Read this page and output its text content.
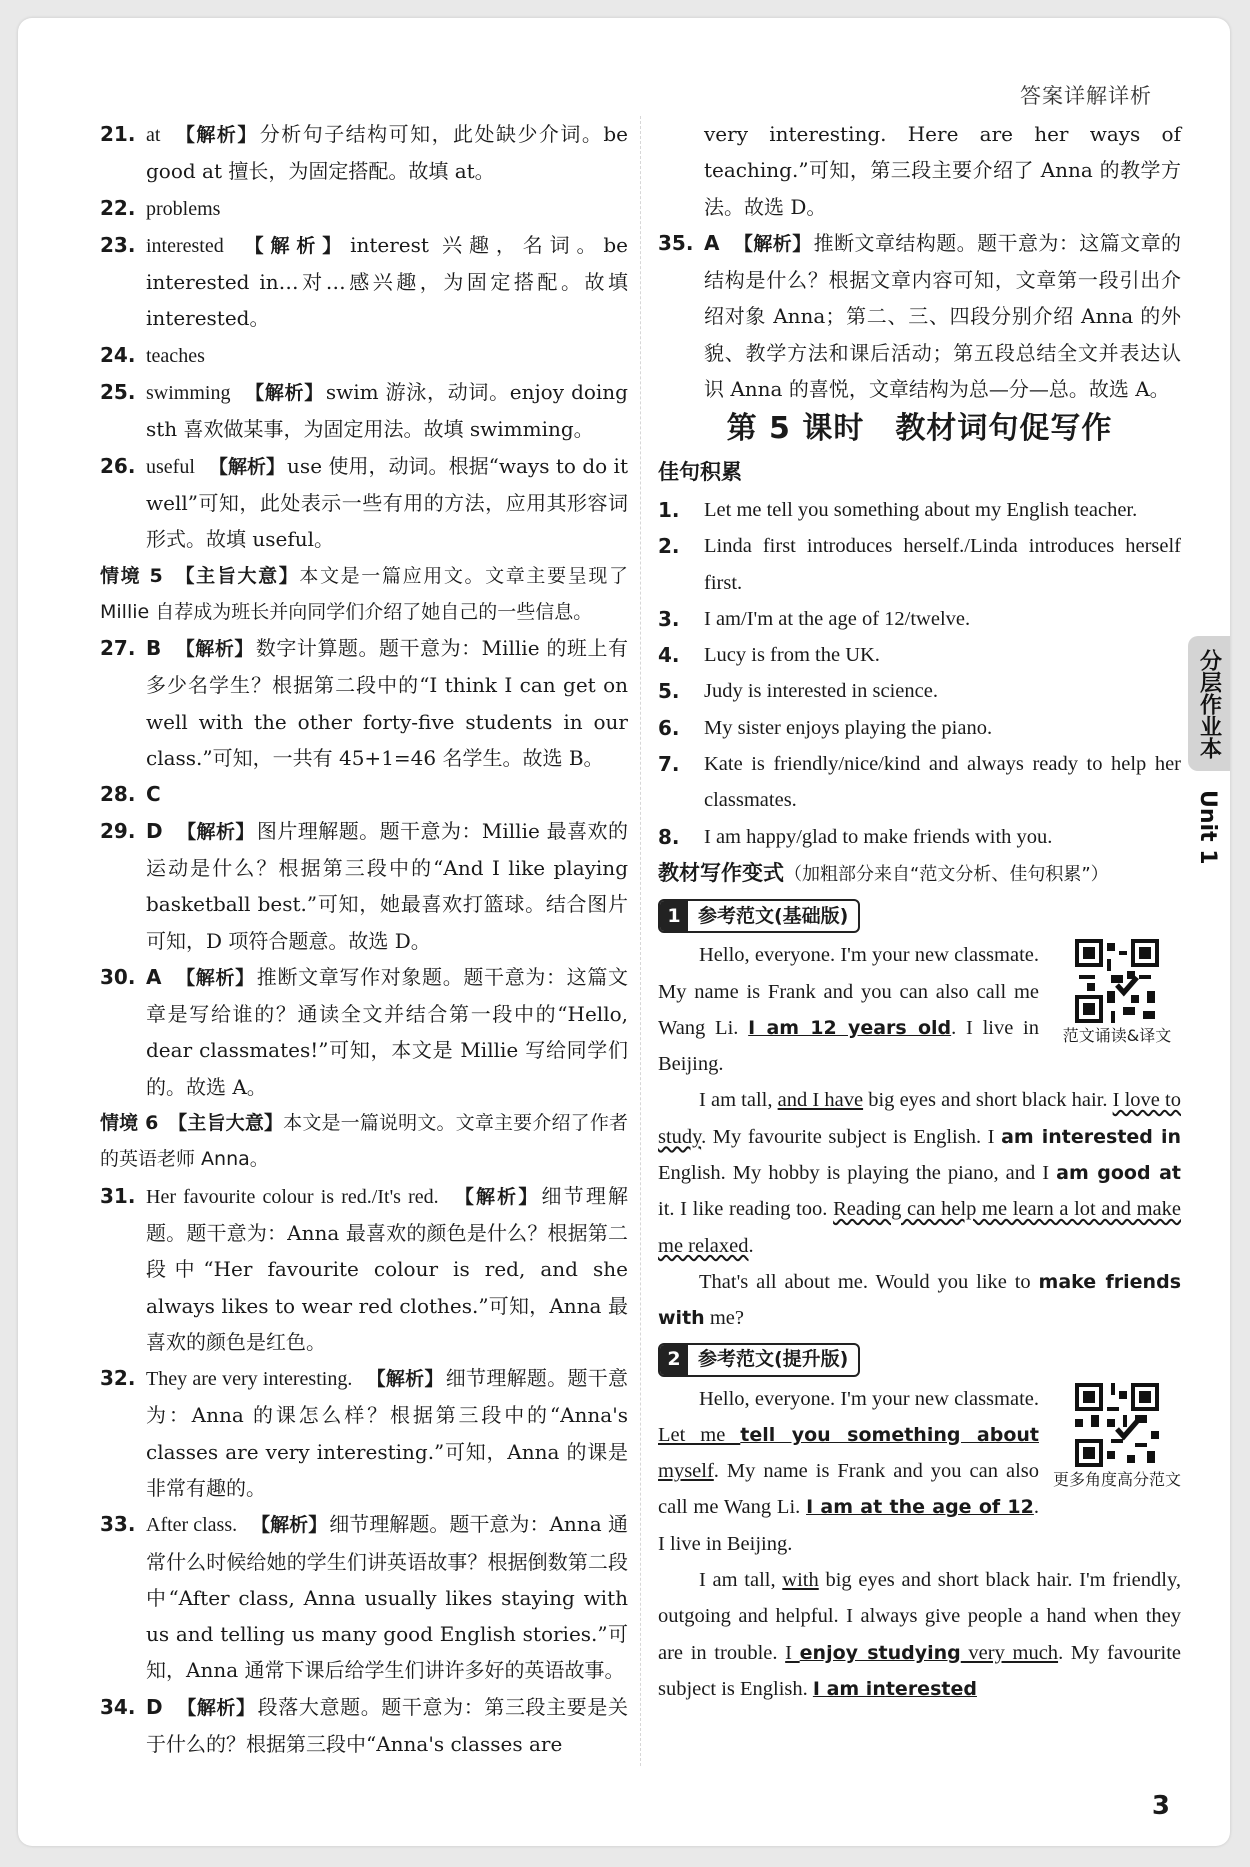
答案详解详析
21. at 【解析】 分析句子结构可知，此处缺少介词。be good at 擅长，为固定搭配。故填 at。
22. problems
23. interested 【解析】 interest 兴趣，名词。be interested in…对…感兴趣，为固定搭配。故填 interested。
24. teaches
25. swimming 【解析】 swim 游泳，动词。enjoy doing sth 喜欢做某事，为固定用法。故填 swimming。
26. useful 【解析】 use 使用，动词。根据“ways to do it well”可知，此处表示一些有用的方法，应用其形容词形式。故填 useful。
情境 5　【主旨大意】本文是一篇应用文。文章主要呈现了 Millie 自荐成为班长并向同学们介绍了她自己的一些信息。
27. B 【解析】 数字计算题。题干意为：Millie 的班上有多少名学生？根据第二段中的“I think I can get on well with the other forty-five students in our class.”可知，一共有 45+1=46 名学生。故选 B。
28. C
29. D 【解析】 图片理解题。题干意为：Millie 最喜欢的运动是什么？根据第三段中的“And I like playing basketball best.”可知，她最喜欢打篮球。结合图片可知，D 项符合题意。故选 D。
30. A 【解析】 推断文章写作对象题。题干意为：这篇文章是写给谁的？通读全文并结合第一段中的“Hello, dear classmates!”可知，本文是 Millie 写给同学们的。故选 A。
情境 6　【主旨大意】本文是一篇说明文。文章主要介绍了作者的英语老师 Anna。
31. Her favourite colour is red./It's red. 【解析】 细节理解题。题干意为：Anna 最喜欢的颜色是什么？根据第二段中“Her favourite colour is red, and she always likes to wear red clothes.”可知，Anna 最喜欢的颜色是红色。
32. They are very interesting. 【解析】 细节理解题。题干意为：Anna 的课怎么样？根据第三段中的“Anna's classes are very interesting.”可知，Anna 的课是非常有趣的。
33. After class. 【解析】 细节理解题。题干意为：Anna 通常什么时候给她的学生们讲英语故事？根据倒数第二段中“After class, Anna usually likes staying with us and telling us many good English stories.”可知，Anna 通常下课后给学生们讲许多好的英语故事。
34. D 【解析】 段落大意题。题干意为：第三段主要是关于什么的？根据第三段中“Anna's classes are
very interesting. Here are her ways of teaching.”可知，第三段主要介绍了 Anna 的教学方法。故选 D。
35. A 【解析】 推断文章结构题。题干意为：这篇文章的结构是什么？根据文章内容可知，文章第一段引出介绍对象 Anna；第二、三、四段分别介绍 Anna 的外貌、教学方法和课后活动；第五段总结全文并表达认识 Anna 的喜悦，文章结构为总—分—总。故选 A。
第 5 课时　教材词句促写作
佳句积累
1.	Let me tell you something about my English teacher.
2.	Linda first introduces herself./Linda introduces herself first.
3.	I am/I'm at the age of 12/twelve.
4.	Lucy is from the UK.
5.	Judy is interested in science.
6.	My sister enjoys playing the piano.
7.	Kate is friendly/nice/kind and always ready to help her classmates.
8.	I am happy/glad to make friends with you.
教材写作变式（加粗部分来自“范文分析、佳句积累”）
1 参考范文(基础版)
范文诵读&译文

Hello, everyone. I'm your new classmate. My name is Frank and you can also call me Wang Li. I am 12 years old. I live in Beijing.

I am tall, and I have big eyes and short black hair. I love to study. My favourite subject is English. I am interested in English. My hobby is playing the piano, and I am good at it. I like reading too. Reading can help me learn a lot and make me relaxed.

That's all about me. Would you like to make friends with me?

2 参考范文(提升版)
更多角度高分范文

Hello, everyone. I'm your new classmate. Let me tell you something about myself. My name is Frank and you can also call me Wang Li. I am at the age of 12. I live in Beijing.

I am tall, with big eyes and short black hair. I'm friendly, outgoing and helpful. I always give people a hand when they are in trouble. I enjoy studying very much. My favourite subject is English. I am interested

分层作业本
Unit 1
3
